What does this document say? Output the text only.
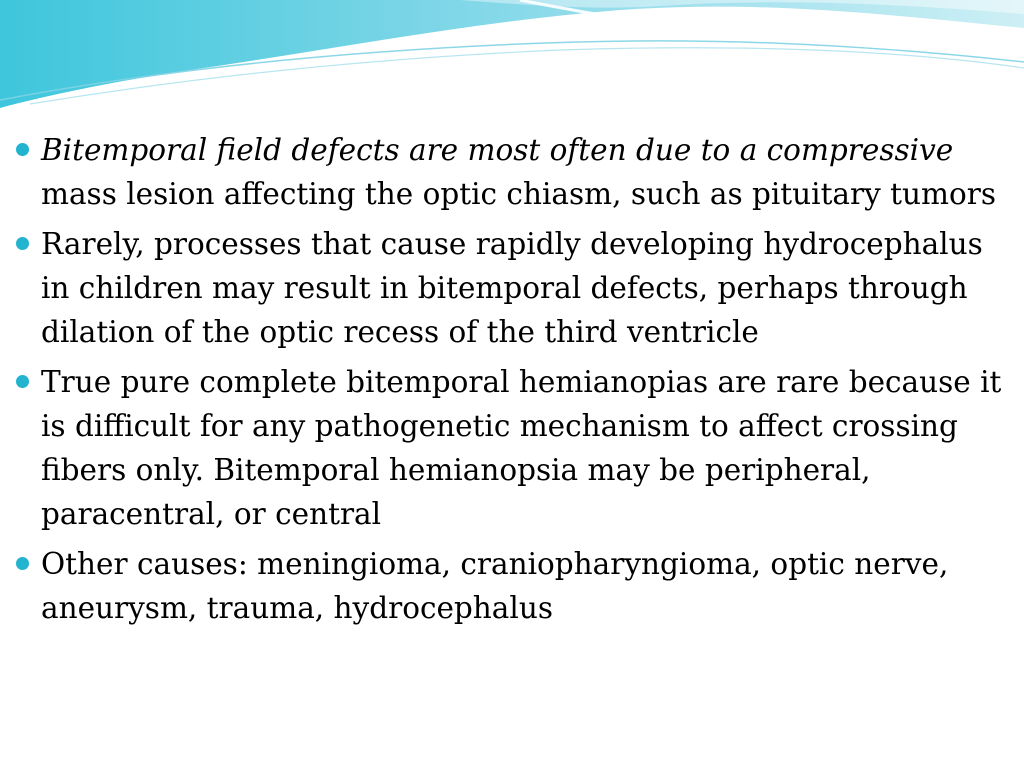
Bitemporal field defects are most often due to a compressive mass lesion affecting the optic chiasm, such as pituitary tumors
Rarely, processes that cause rapidly developing hydrocephalus in children may result in bitemporal defects, perhaps through dilation of the optic recess of the third ventricle
True pure complete bitemporal hemianopias are rare because it is difficult for any pathogenetic mechanism to affect crossing fibers only. Bitemporal hemianopsia may be peripheral, paracentral, or central
Other causes: meningioma, craniopharyngioma, optic nerve, aneurysm, trauma, hydrocephalus
